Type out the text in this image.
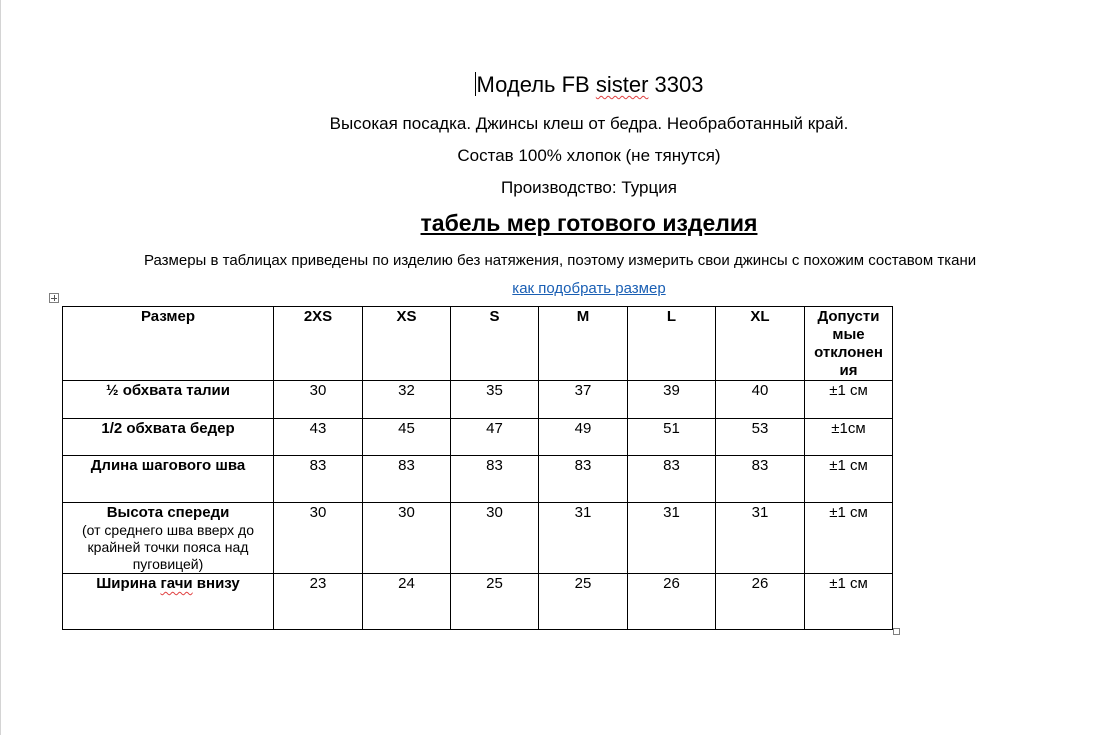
Модель FB sister 3303
Высокая посадка. Джинсы клеш от бедра. Необработанный край.
Состав 100% хлопок (не тянутся)
Производство: Турция
табель мер готового изделия
Размеры в таблицах приведены по изделию без натяжения, поэтому измерить свои джинсы с похожим составом ткани
как подобрать размер
Размер	2XS	XS	S	M	L	XL	Допусти мые отклонен ия
½ обхвата талии	30	32	35	37	39	40	±1 см
1/2 обхвата бедер	43	45	47	49	51	53	±1см
Длина шагового шва	83	83	83	83	83	83	±1 см

Высота спереди
(от среднего шва вверх до крайней точки пояса над пуговицей)	30	30	30	31	31	31	±1 см
Ширина гачи внизу	23	24	25	25	26	26	±1 см
